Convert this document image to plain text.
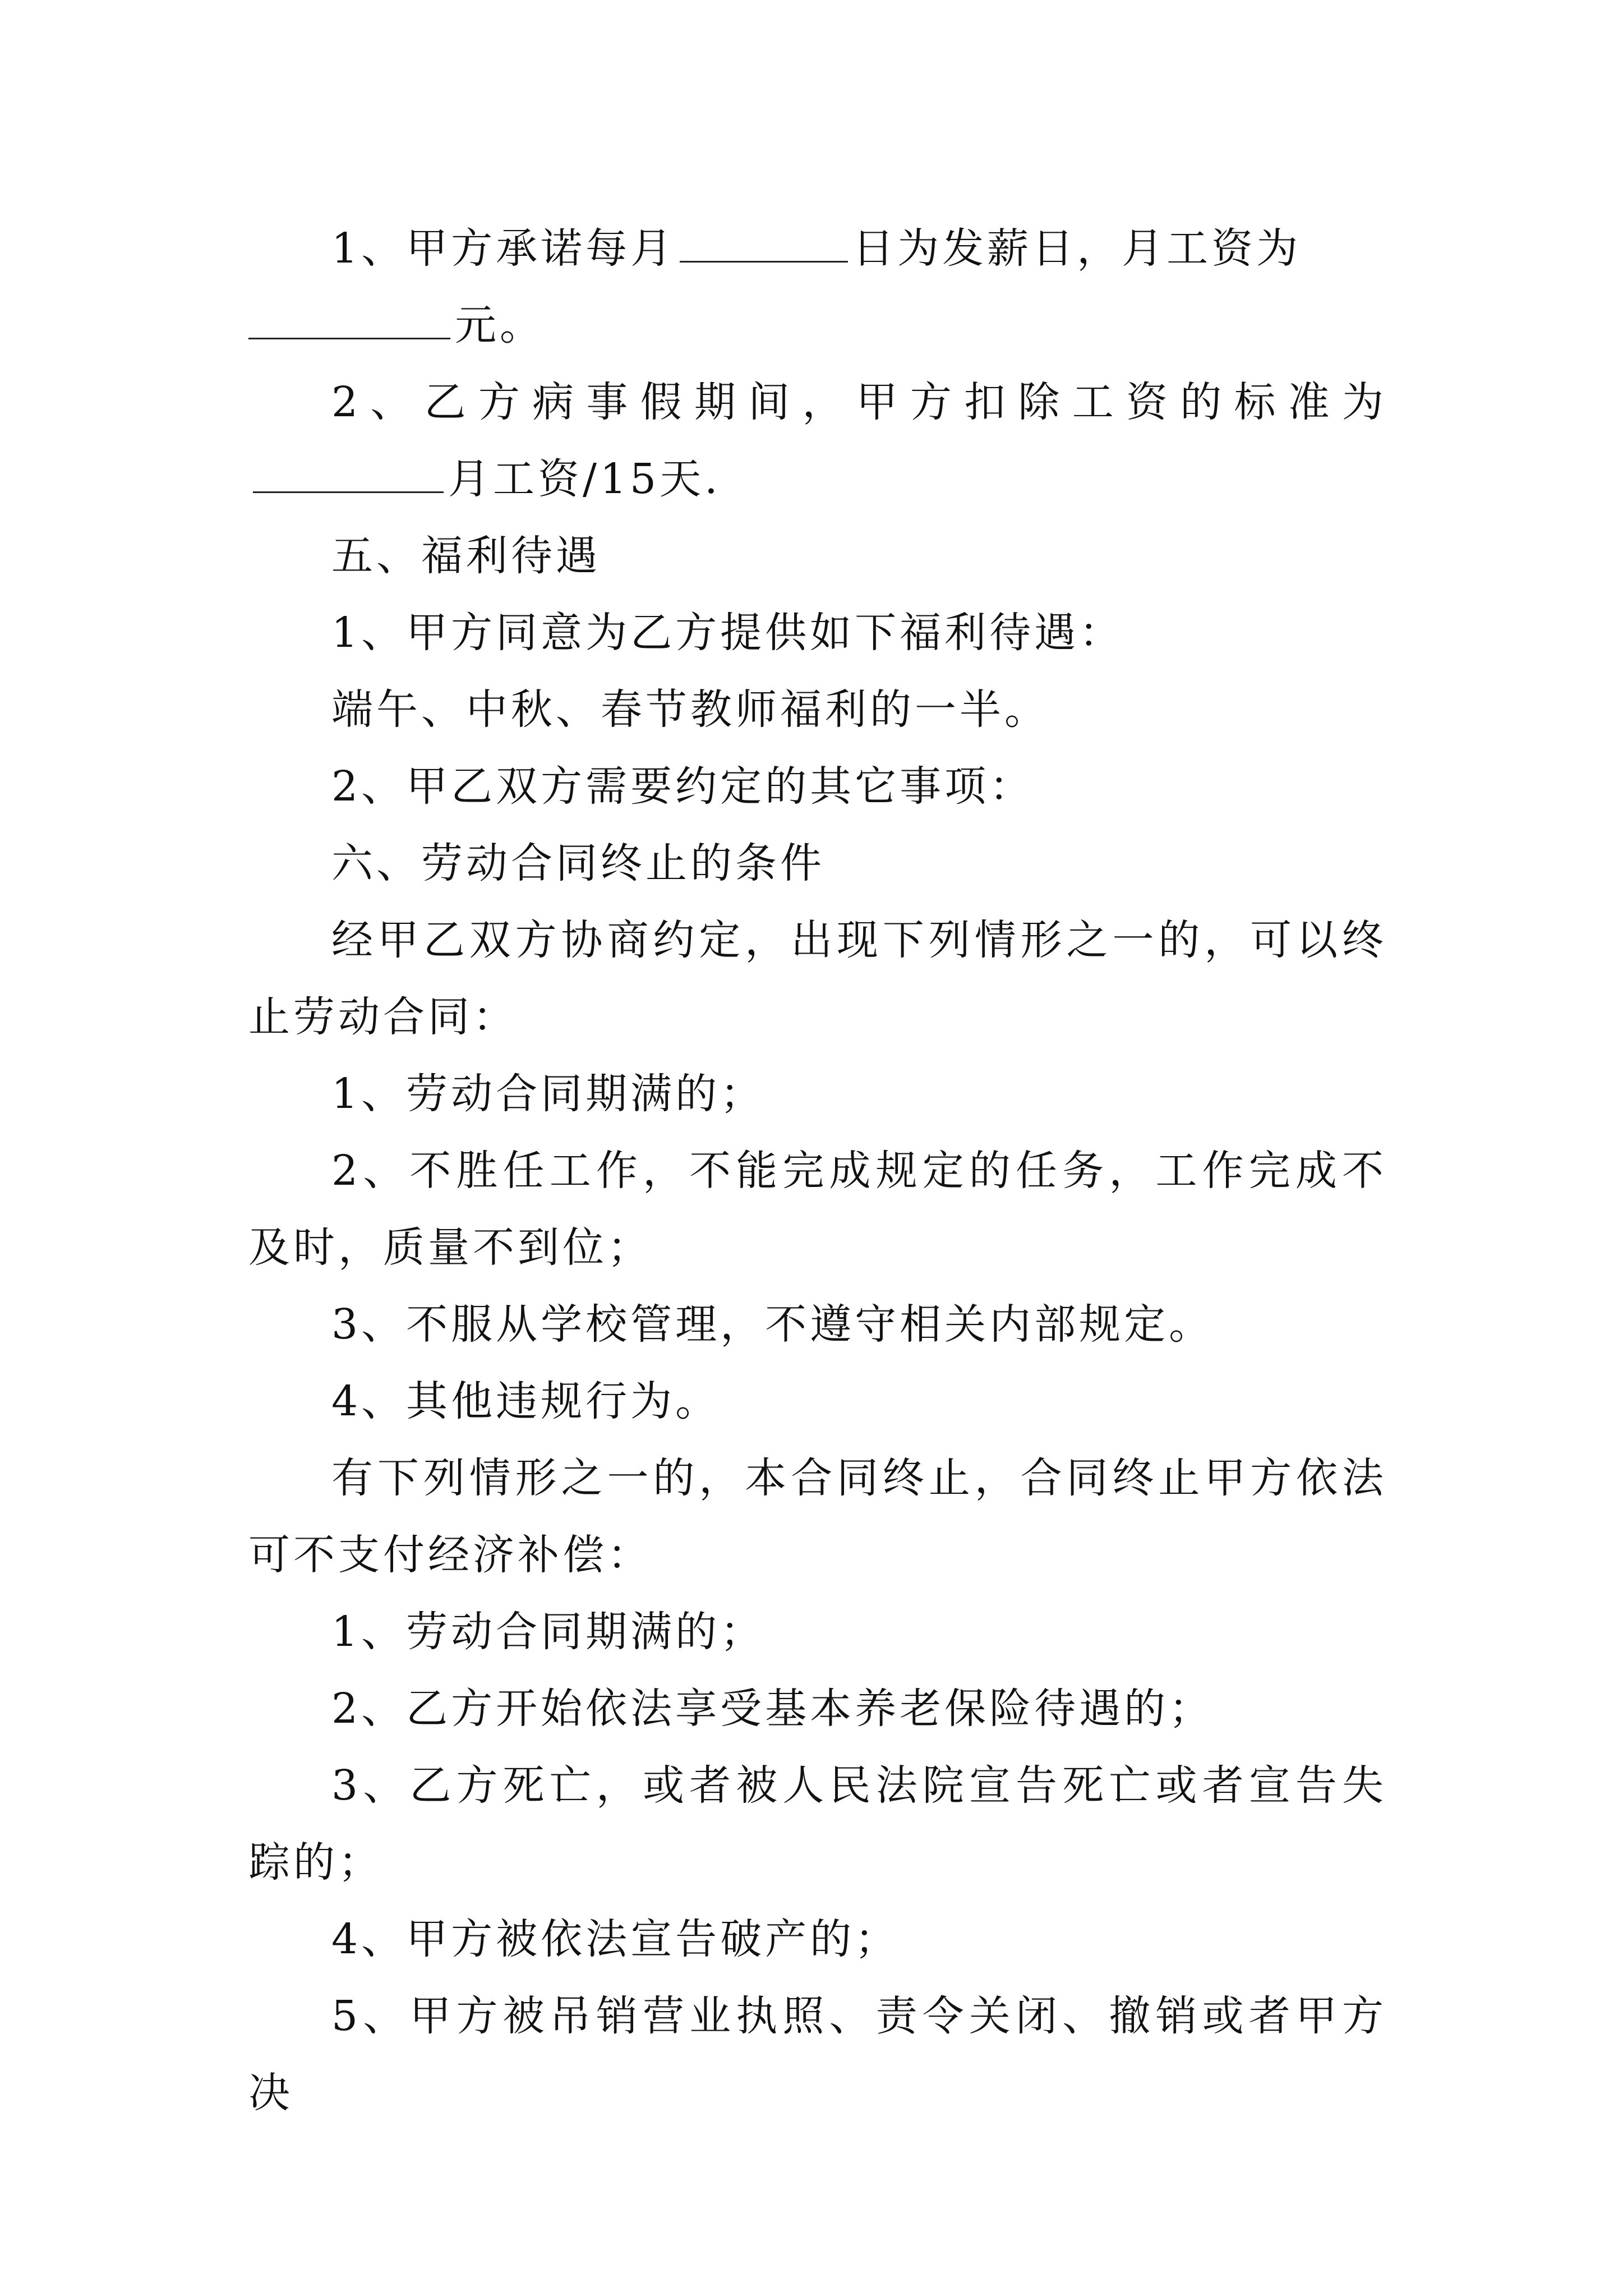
1、甲方承诺每月	日为发薪日，月工资为
元。

2、乙方病事假期间，甲方扣除工资的标准为月工资/15天.

五、福利待遇

1、甲方同意为乙方提供如下福利待遇：

端午、中秋、春节教师福利的一半。

2、甲乙双方需要约定的其它事项：

六、劳动合同终止的条件

经甲乙双方协商约定，出现下列情形之一的，可以终止劳动合同：

1、劳动合同期满的；

2、不胜任工作，不能完成规定的任务，工作完成不及时，质量不到位；

3、不服从学校管理，不遵守相关内部规定。

4、其他违规行为。

有下列情形之一的，本合同终止，合同终止甲方依法可不支付经济补偿：

1、劳动合同期满的；

2、乙方开始依法享受基本养老保险待遇的；

3、乙方死亡，或者被人民法院宣告死亡或者宣告失踪的；

4、甲方被依法宣告破产的；

5、甲方被吊销营业执照、责令关闭、撤销或者甲方决
